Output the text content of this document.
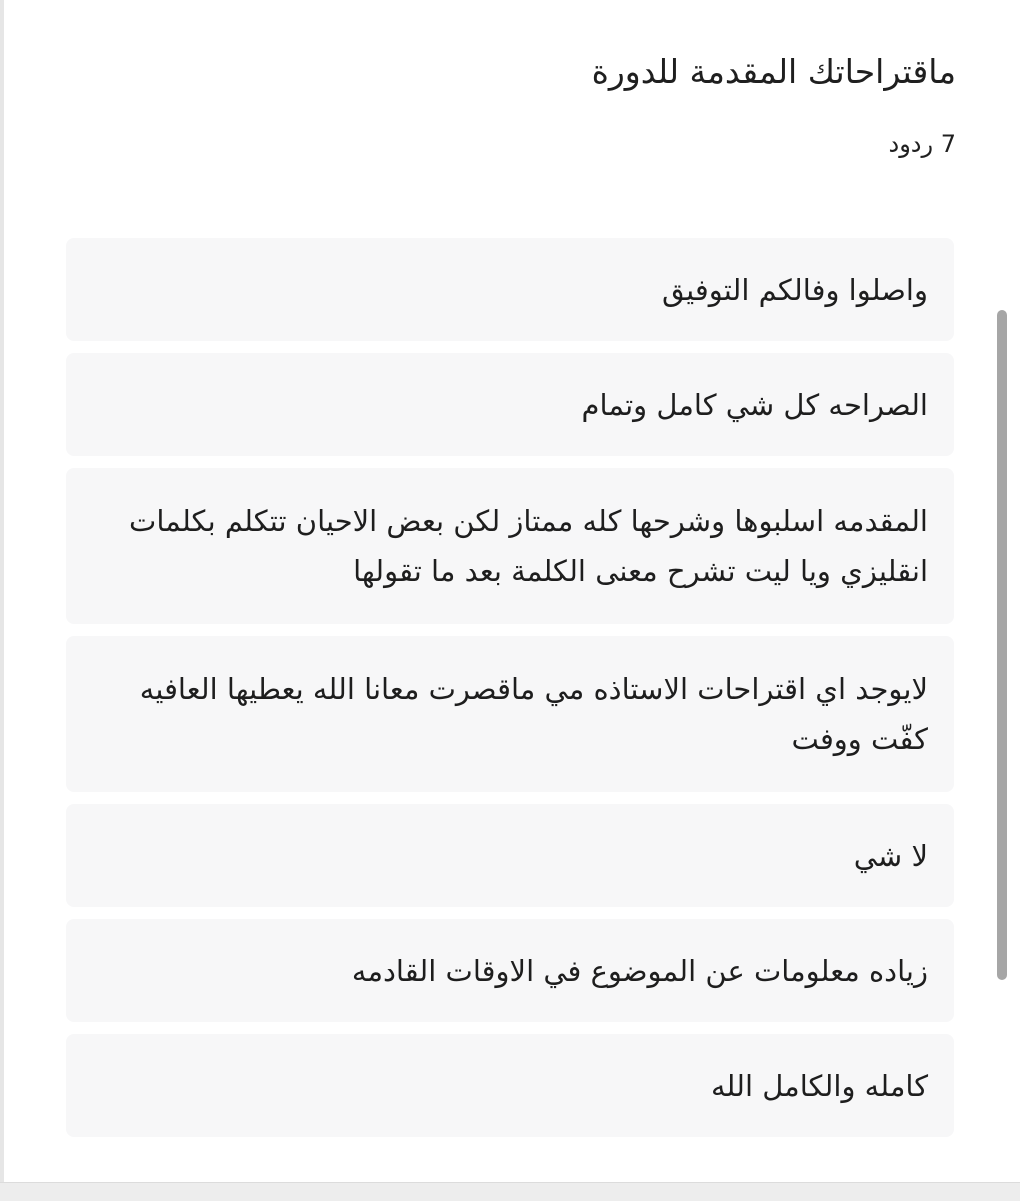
ماقتراحاتك المقدمة للدورة
7 ردود
واصلوا وفالكم التوفيق
الصراحه كل شي كامل وتمام
المقدمه اسلبوها وشرحها كله ممتاز لكن بعض الاحيان تتكلم بكلمات انقليزي ويا ليت تشرح معنى الكلمة بعد ما تقولها
لايوجد اي اقتراحات الاستاذه مي ماقصرت معانا الله يعطيها العافيه كفّت ووفت
لا شي
زياده معلومات عن الموضوع في الاوقات القادمه
كامله والكامل الله
